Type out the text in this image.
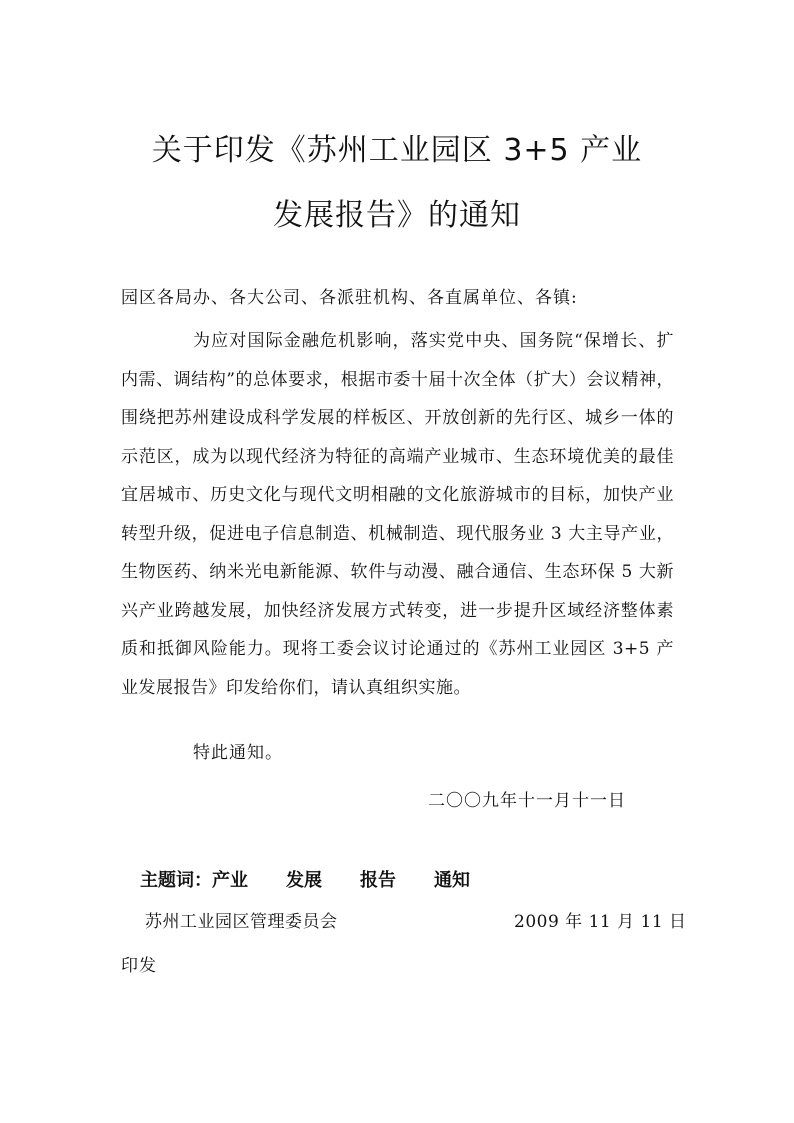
关于印发《苏州工业园区 3+5 产业
发展报告》的通知
园区各局办、各大公司、各派驻机构、各直属单位、各镇:
为应对国际金融危机影响，落实党中央、国务院“保增长、扩内需、调结构”的总体要求，根据市委十届十次全体（扩大）会议精神，围绕把苏州建设成科学发展的样板区、开放创新的先行区、城乡一体的示范区，成为以现代经济为特征的高端产业城市、生态环境优美的最佳宜居城市、历史文化与现代文明相融的文化旅游城市的目标，加快产业转型升级，促进电子信息制造、机械制造、现代服务业 3 大主导产业，生物医药、纳米光电新能源、软件与动漫、融合通信、生态环保 5 大新兴产业跨越发展，加快经济发展方式转变，进一步提升区域经济整体素质和抵御风险能力。现将工委会议讨论通过的《苏州工业园区 3+5 产业发展报告》印发给你们，请认真组织实施。
特此通知。
二〇〇九年十一月十一日
主题词： 产业 发展 报告 通知
苏州工业园区管理委员会	2009 年 11 月 11 日
印发
